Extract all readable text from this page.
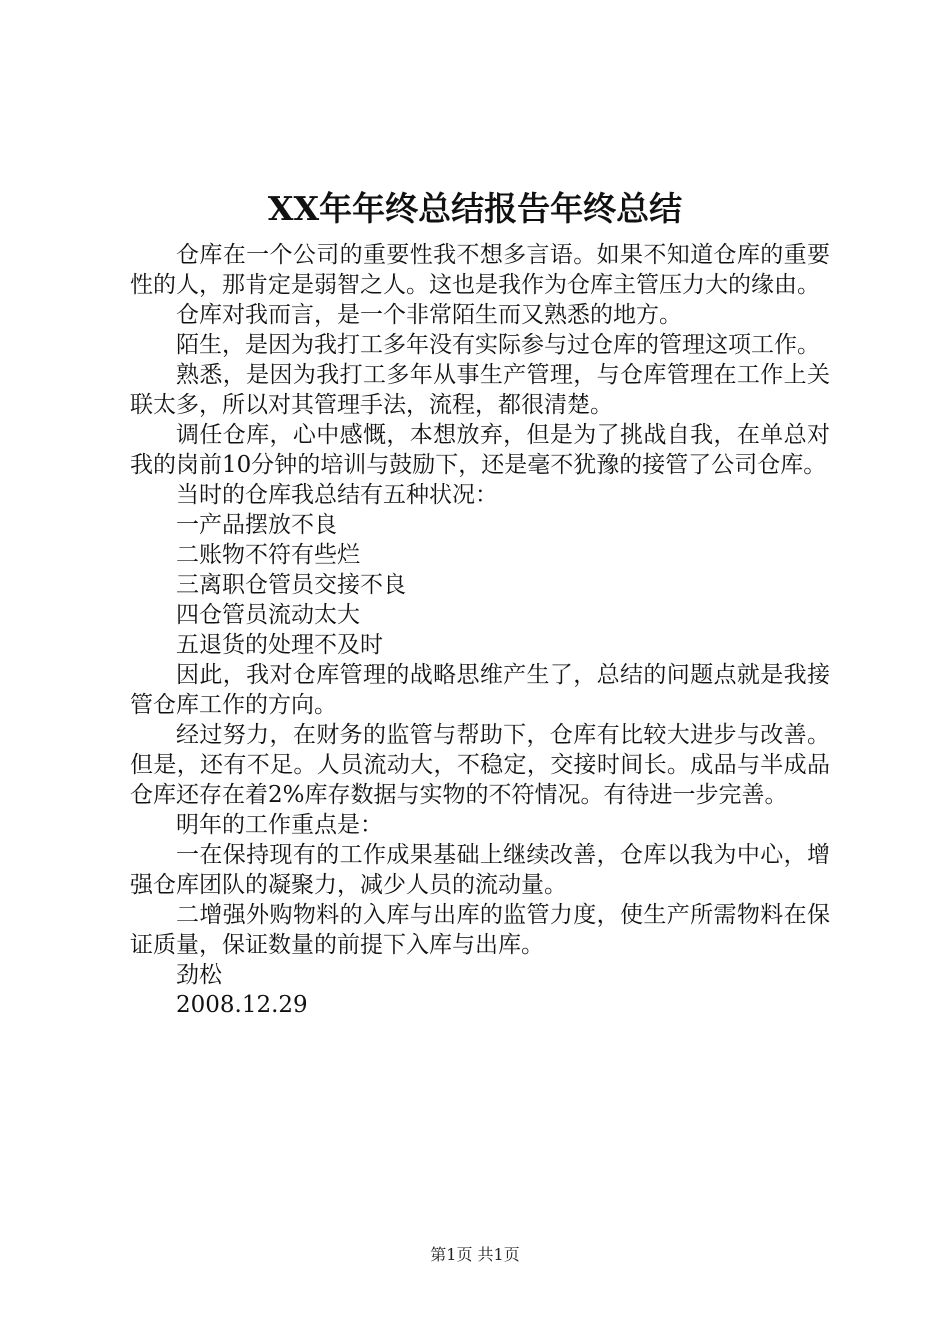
XX年年终总结报告年终总结

仓库在一个公司的重要性我不想多言语。如果不知道仓库的重要性的人，那肯定是弱智之人。这也是我作为仓库主管压力大的缘由。

仓库对我而言，是一个非常陌生而又熟悉的地方。

陌生，是因为我打工多年没有实际参与过仓库的管理这项工作。

熟悉，是因为我打工多年从事生产管理，与仓库管理在工作上关联太多，所以对其管理手法，流程，都很清楚。

调任仓库，心中感慨，本想放弃，但是为了挑战自我，在单总对我的岗前10分钟的培训与鼓励下，还是毫不犹豫的接管了公司仓库。

当时的仓库我总结有五种状况：

一产品摆放不良

二账物不符有些烂

三离职仓管员交接不良

四仓管员流动太大

五退货的处理不及时

因此，我对仓库管理的战略思维产生了，总结的问题点就是我接管仓库工作的方向。

经过努力，在财务的监管与帮助下，仓库有比较大进步与改善。但是，还有不足。人员流动大，不稳定，交接时间长。成品与半成品仓库还存在着2%库存数据与实物的不符情况。有待进一步完善。

明年的工作重点是：

一在保持现有的工作成果基础上继续改善，仓库以我为中心，增强仓库团队的凝聚力，减少人员的流动量。

二增强外购物料的入库与出库的监管力度，使生产所需物料在保证质量，保证数量的前提下入库与出库。

劲松

2008.12.29

第1页 共1页
